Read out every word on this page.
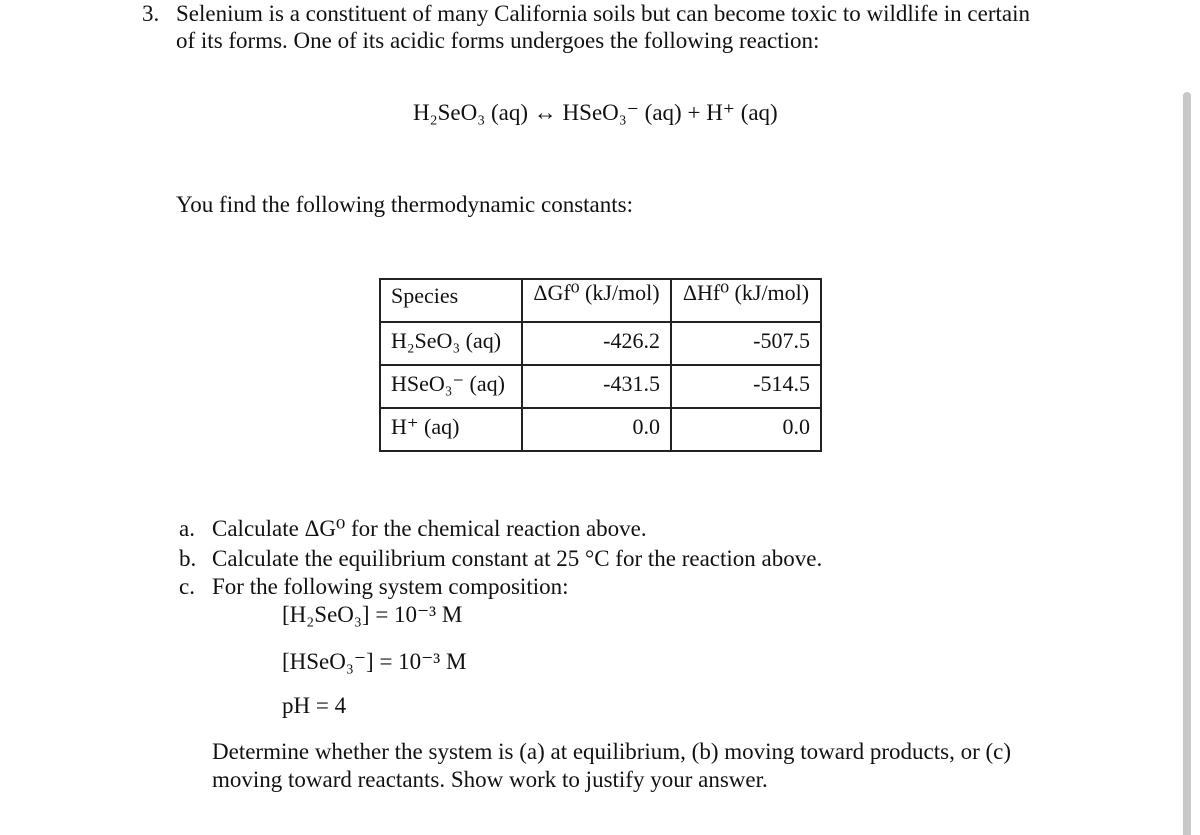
3. Selenium is a constituent of many California soils but can become toxic to wildlife in certain
of its forms. One of its acidic forms undergoes the following reaction:
H₂SeO₃ (aq) ↔ HSeO₃⁻ (aq) + H⁺ (aq)
You find the following thermodynamic constants:
Species	ΔGf⁰ (kJ/mol)	ΔHf⁰ (kJ/mol)
H₂SeO₃ (aq)	-426.2	-507.5
HSeO₃⁻ (aq)	-431.5	-514.5
H⁺ (aq)	0.0	0.0
a. Calculate ΔG⁰ for the chemical reaction above.
b. Calculate the equilibrium constant at 25 °C for the reaction above.
c. For the following system composition:
[H₂SeO₃] = 10⁻³ M
[HSeO₃⁻] = 10⁻³ M
pH = 4
Determine whether the system is (a) at equilibrium, (b) moving toward products, or (c)
moving toward reactants. Show work to justify your answer.
